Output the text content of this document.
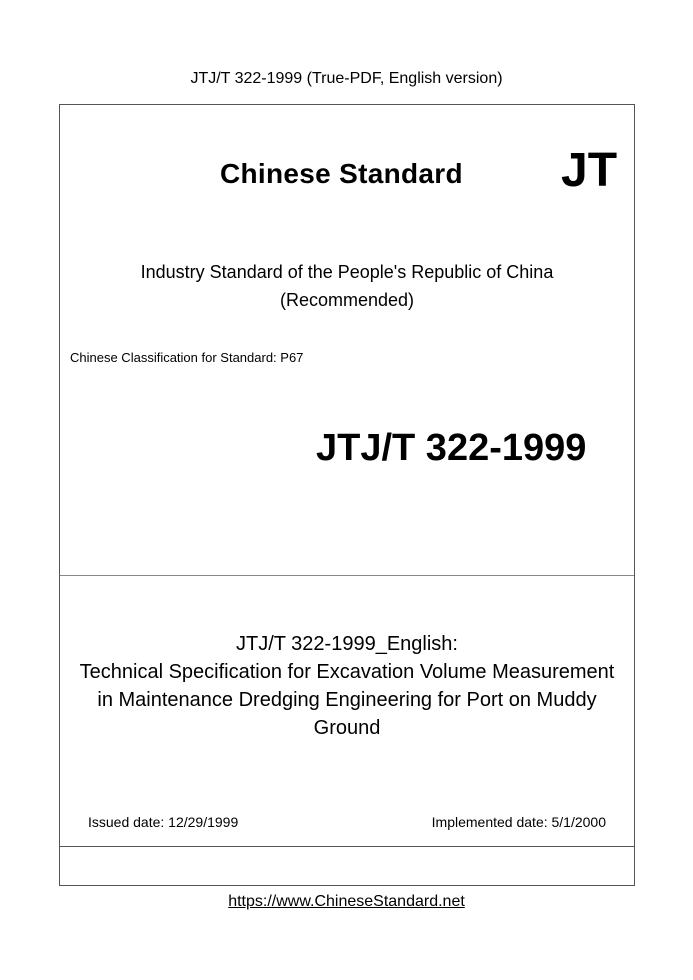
JTJ/T 322-1999 (True-PDF, English version)
Chinese Standard JT
Industry Standard of the People's Republic of China
(Recommended)
Chinese Classification for Standard: P67
JTJ/T 322-1999
JTJ/T 322-1999_English:
Technical Specification for Excavation Volume Measurement
in Maintenance Dredging Engineering for Port on Muddy
Ground
Issued date: 12/29/1999	Implemented date: 5/1/2000
https://www.ChineseStandard.net
